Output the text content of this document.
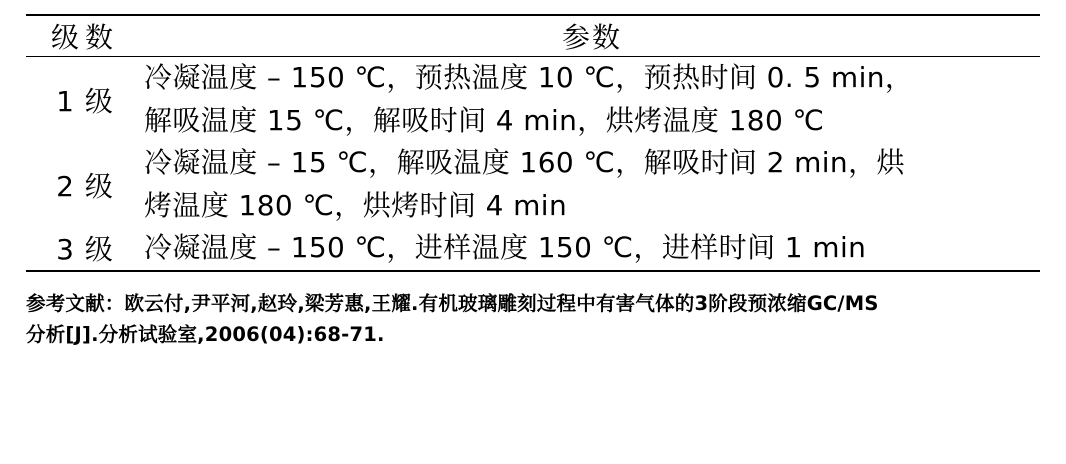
级数	参数
1 级	冷凝温度 – 150 ℃，预热温度 10 ℃，预热时间 0. 5 min，
解吸温度 15 ℃，解吸时间 4 min，烘烤温度 180 ℃

2 级	冷凝温度 – 15 ℃，解吸温度 160 ℃，解吸时间 2 min，烘
烤温度 180 ℃，烘烤时间 4 min

3 级	冷凝温度 – 150 ℃，进样温度 150 ℃，进样时间 1 min
参考文献：欧云付,尹平河,赵玲,梁芳惠,王耀.有机玻璃雕刻过程中有害气体的3阶段预浓缩GC/MS
分析[J].分析试验室,2006(04):68-71.
